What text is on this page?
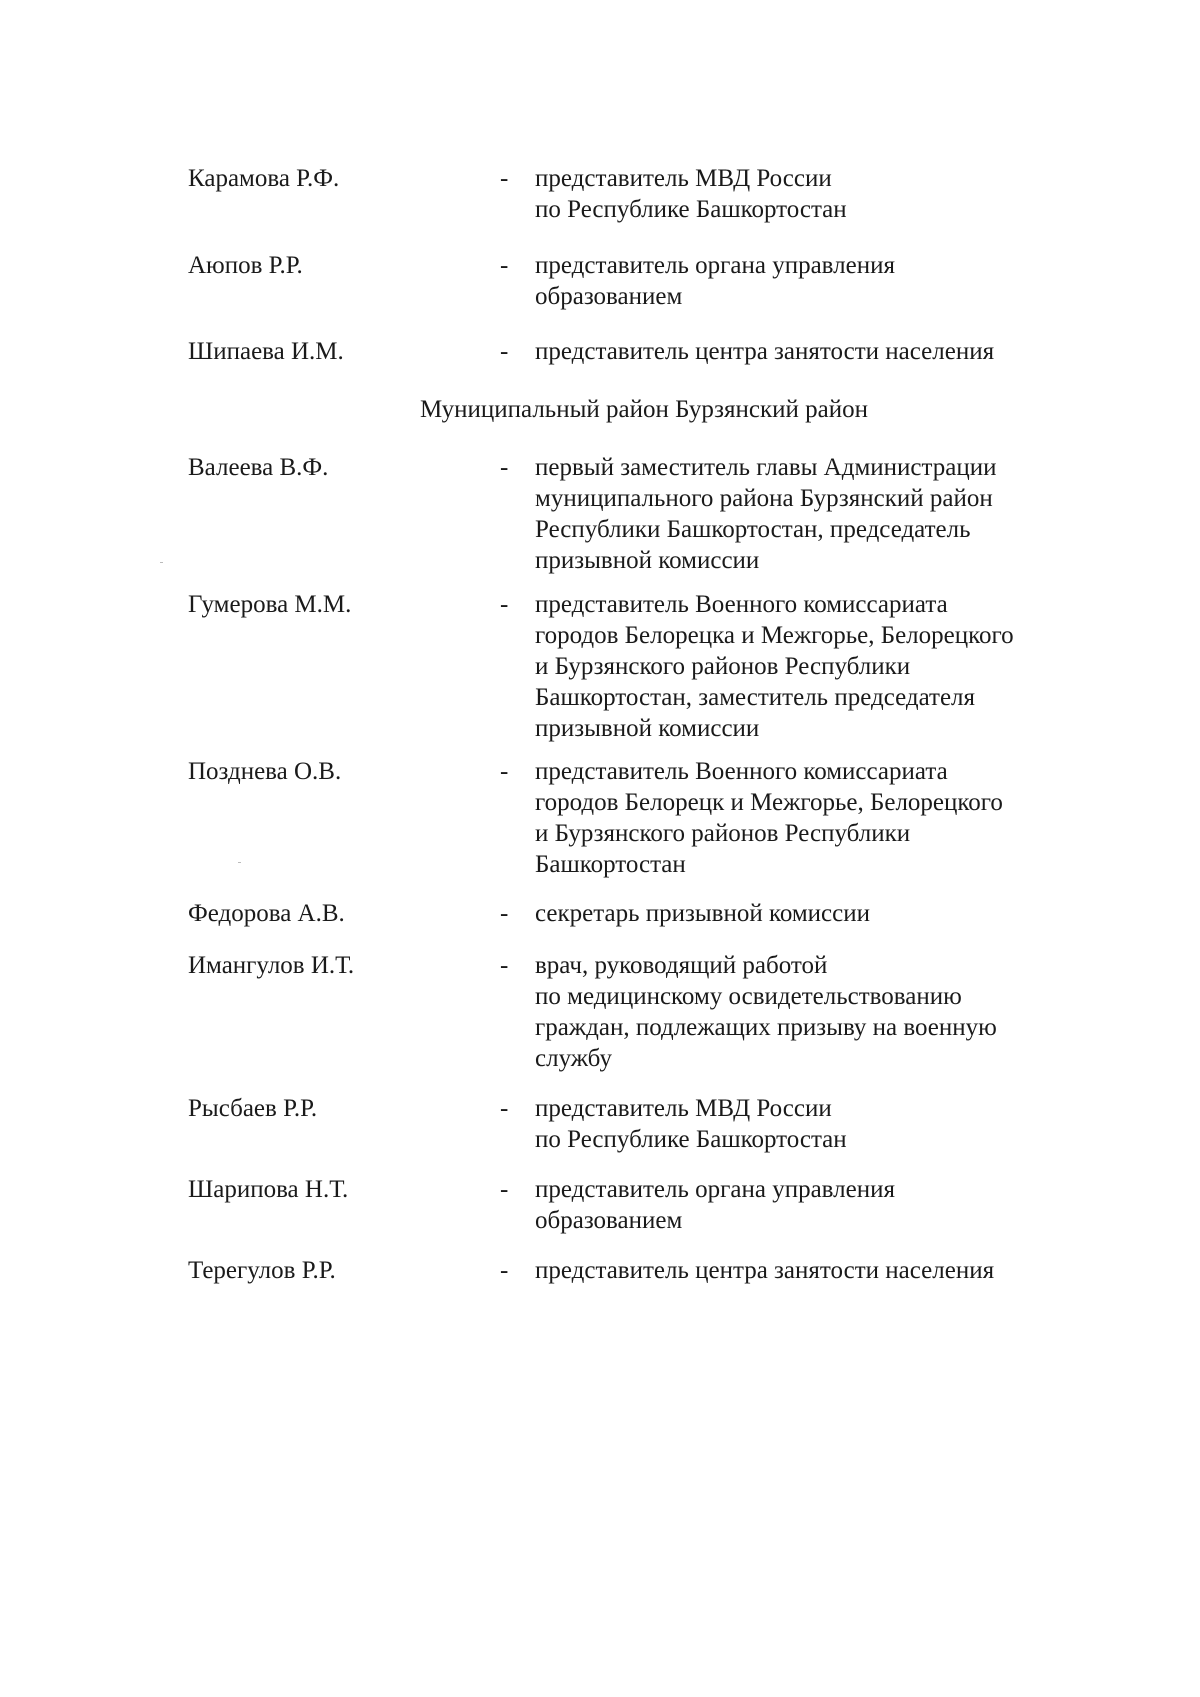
Карамова Р.Ф.	- представитель МВД России
по Республике Башкортостан
Аюпов Р.Р.	- представитель органа управления
образованием
Шипаева И.М.	- представитель центра занятости населения
Муниципальный район Бурзянский район
Валеева В.Ф.	- первый заместитель главы Администрации
муниципального района Бурзянский район
Республики Башкортостан, председатель
призывной комиссии
Гумерова М.М.	- представитель Военного комиссариата
городов Белорецка и Межгорье, Белорецкого
и Бурзянского районов Республики
Башкортостан, заместитель председателя
призывной комиссии
Позднева О.В.	- представитель Военного комиссариата
городов Белорецк и Межгорье, Белорецкого
и Бурзянского районов Республики
Башкортостан
Федорова А.В.	- секретарь призывной комиссии
Имангулов И.Т.	- врач, руководящий работой
по медицинскому освидетельствованию
граждан, подлежащих призыву на военную
службу
Рысбаев Р.Р.	- представитель МВД России
по Республике Башкортостан
Шарипова Н.Т.	- представитель органа управления
образованием
Терегулов Р.Р.	- представитель центра занятости населения
